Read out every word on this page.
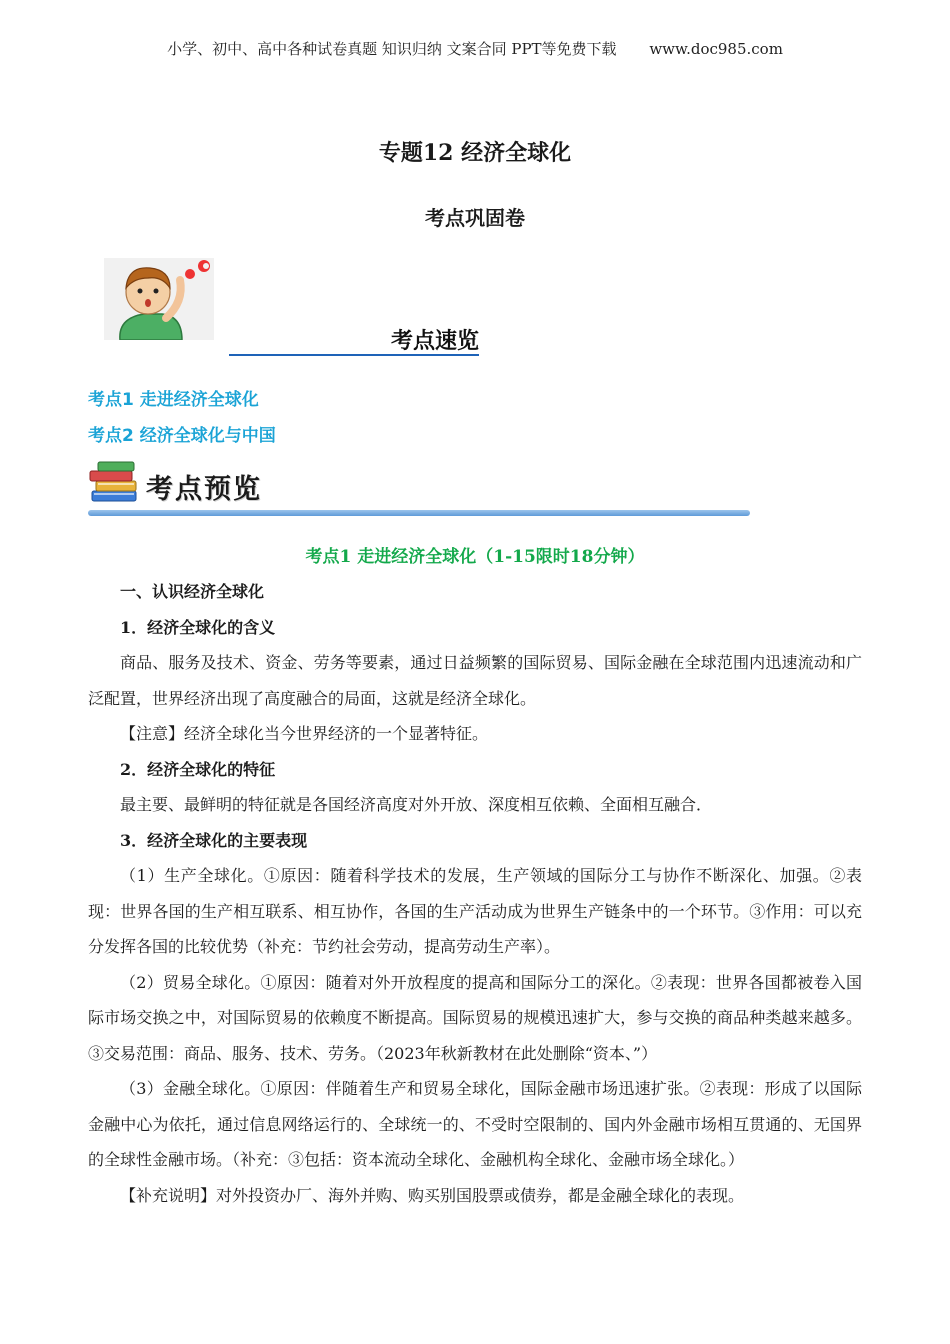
小学、初中、高中各种试卷真题 知识归纳 文案合同 PPT等免费下载 www.doc985.com
专题12 经济全球化
考点巩固卷
考点速览
考点1 走进经济全球化
考点2 经济全球化与中国
考点预览
考点1 走进经济全球化（1-15限时18分钟）

一、认识经济全球化

1．经济全球化的含义

商品、服务及技术、资金、劳务等要素，通过日益频繁的国际贸易、国际金融在全球范围内迅速流动和广泛配置，世界经济出现了高度融合的局面，这就是经济全球化。

【注意】经济全球化当今世界经济的一个显著特征。

2．经济全球化的特征

最主要、最鲜明的特征就是各国经济高度对外开放、深度相互依赖、全面相互融合．

3．经济全球化的主要表现

（1）生产全球化。①原因：随着科学技术的发展，生产领域的国际分工与协作不断深化、加强。②表现：世界各国的生产相互联系、相互协作，各国的生产活动成为世界生产链条中的一个环节。③作用：可以充分发挥各国的比较优势（补充：节约社会劳动，提高劳动生产率）。

（2）贸易全球化。①原因：随着对外开放程度的提高和国际分工的深化。②表现：世界各国都被卷入国际市场交换之中，对国际贸易的依赖度不断提高。国际贸易的规模迅速扩大，参与交换的商品种类越来越多。③交易范围：商品、服务、技术、劳务。（2023年秋新教材在此处删除“资本、”）

（3）金融全球化。①原因：伴随着生产和贸易全球化，国际金融市场迅速扩张。②表现：形成了以国际金融中心为依托，通过信息网络运行的、全球统一的、不受时空限制的、国内外金融市场相互贯通的、无国界的全球性金融市场。（补充：③包括：资本流动全球化、金融机构全球化、金融市场全球化。）

【补充说明】对外投资办厂、海外并购、购买别国股票或债券，都是金融全球化的表现。
